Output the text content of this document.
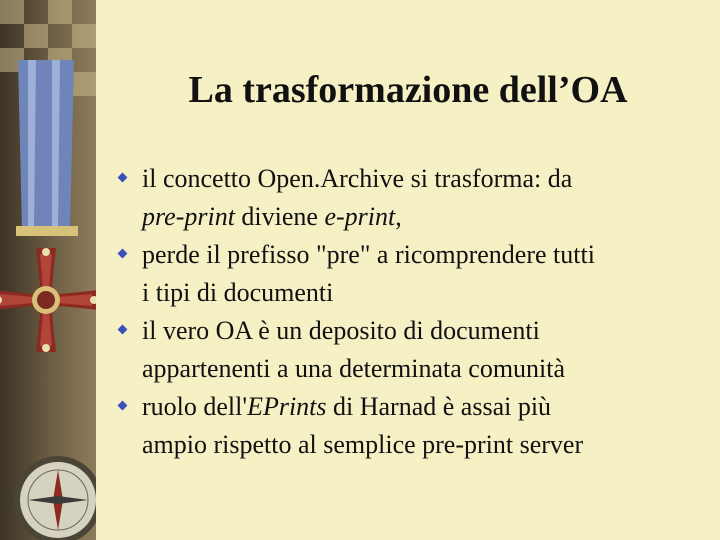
La trasformazione dell’OA
il concetto Open.Archive si trasforma: da
pre-print diviene e-print,
perde il prefisso "pre" a ricomprendere tutti
i tipi di documenti
il vero OA è un deposito di documenti
appartenenti a una determinata comunità
ruolo dell'EPrints di Harnad è assai più
ampio rispetto al semplice pre-print server
